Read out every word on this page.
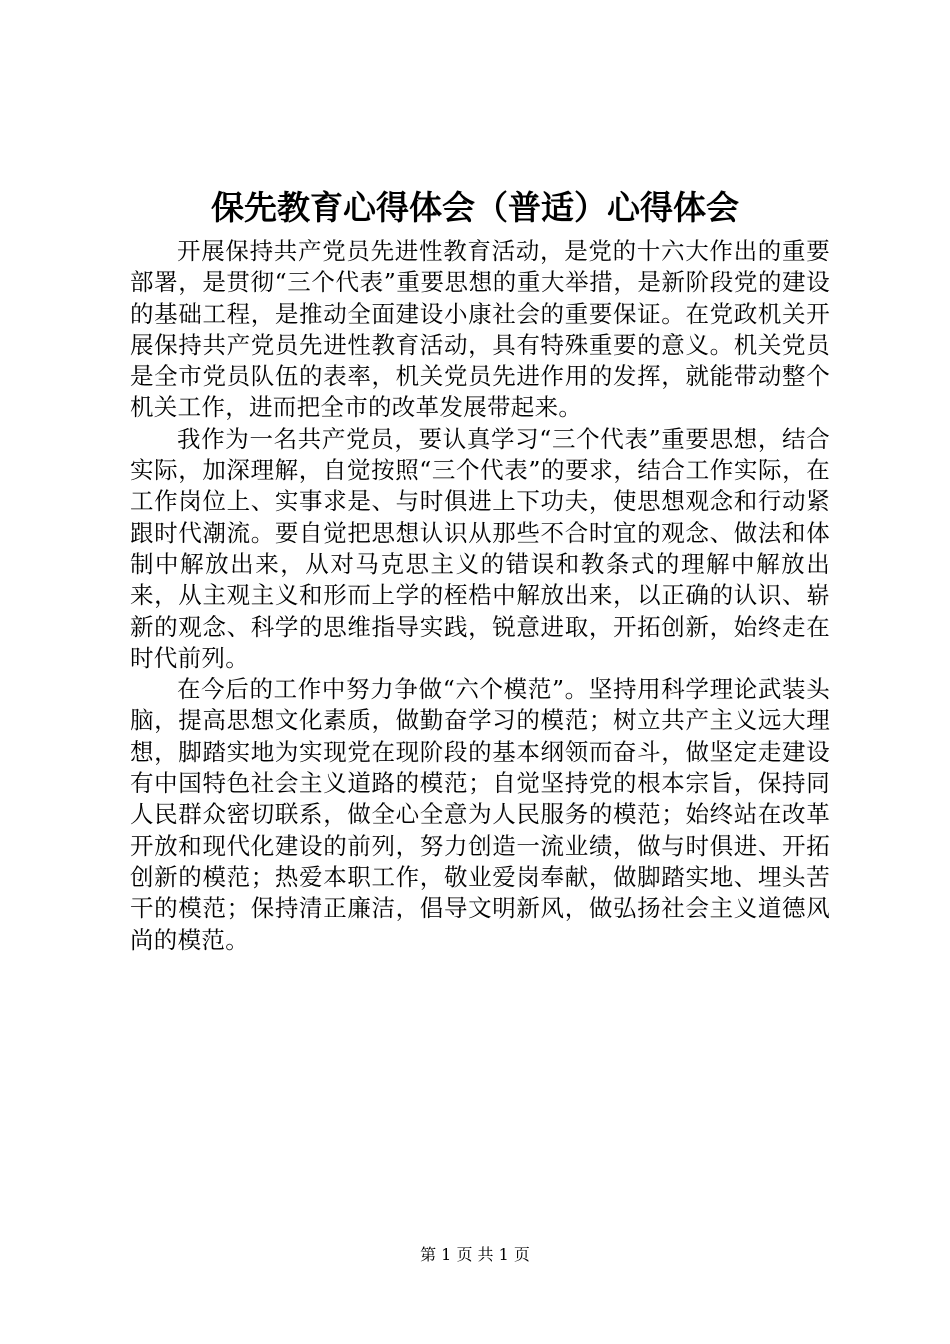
保先教育心得体会（普适）心得体会

开展保持共产党员先进性教育活动，是党的十六大作出的重要部署，是贯彻“三个代表”重要思想的重大举措，是新阶段党的建设的基础工程，是推动全面建设小康社会的重要保证。在党政机关开展保持共产党员先进性教育活动，具有特殊重要的意义。机关党员是全市党员队伍的表率，机关党员先进作用的发挥，就能带动整个机关工作，进而把全市的改革发展带起来。

我作为一名共产党员，要认真学习“三个代表”重要思想，结合实际，加深理解，自觉按照“三个代表”的要求，结合工作实际，在工作岗位上、实事求是、与时俱进上下功夫，使思想观念和行动紧跟时代潮流。要自觉把思想认识从那些不合时宜的观念、做法和体制中解放出来，从对马克思主义的错误和教条式的理解中解放出来，从主观主义和形而上学的桎梏中解放出来，以正确的认识、崭新的观念、科学的思维指导实践，锐意进取，开拓创新，始终走在时代前列。

在今后的工作中努力争做“六个模范”。坚持用科学理论武装头脑，提高思想文化素质，做勤奋学习的模范；树立共产主义远大理想，脚踏实地为实现党在现阶段的基本纲领而奋斗，做坚定走建设有中国特色社会主义道路的模范；自觉坚持党的根本宗旨，保持同人民群众密切联系，做全心全意为人民服务的模范；始终站在改革开放和现代化建设的前列，努力创造一流业绩，做与时俱进、开拓创新的模范；热爱本职工作，敬业爱岗奉献，做脚踏实地、埋头苦干的模范；保持清正廉洁，倡导文明新风，做弘扬社会主义道德风尚的模范。

第 1 页 共 1 页
